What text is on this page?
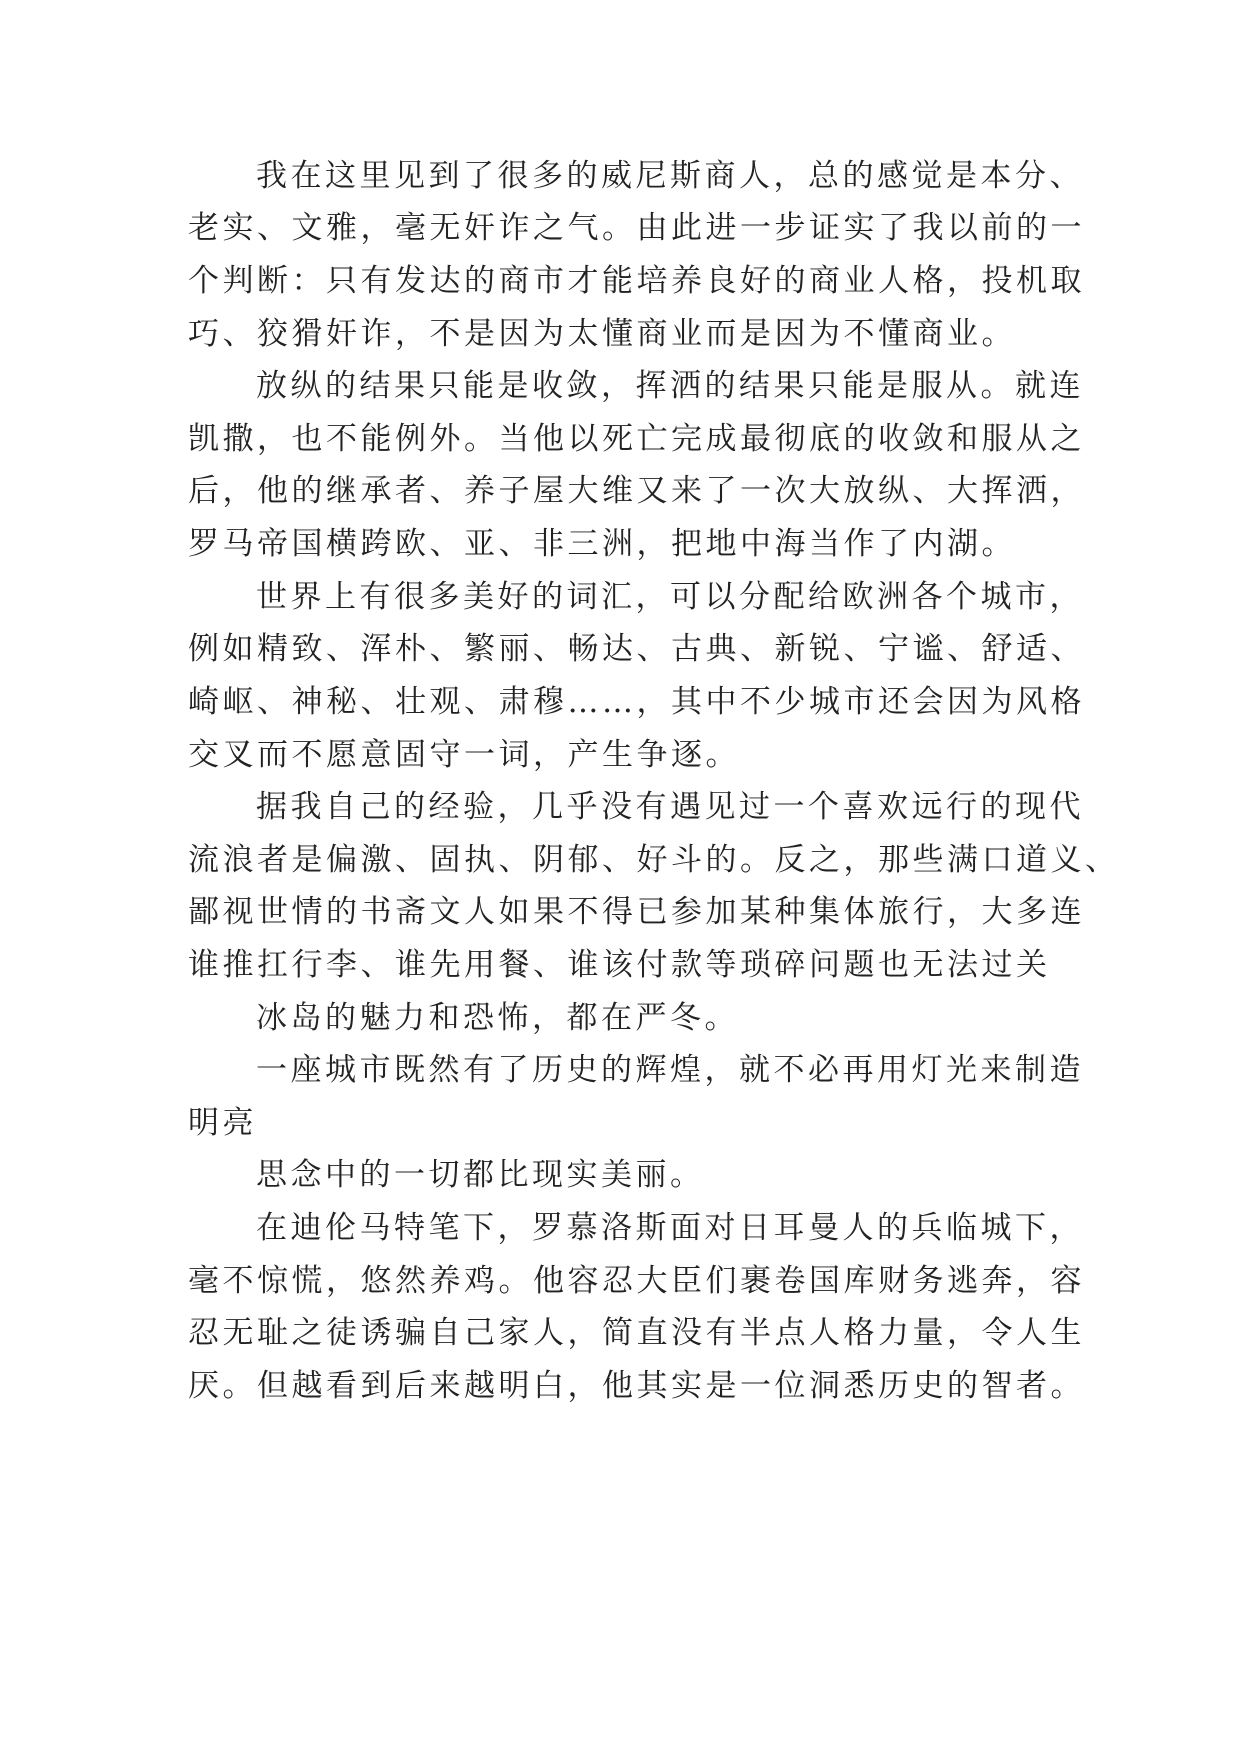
我在这里见到了很多的威尼斯商人，总的感觉是本分、
老实、文雅，毫无奸诈之气。由此进一步证实了我以前的一
个判断：只有发达的商市才能培养良好的商业人格，投机取
巧、狡猾奸诈，不是因为太懂商业而是因为不懂商业。
放纵的结果只能是收敛，挥洒的结果只能是服从。就连
凯撒，也不能例外。当他以死亡完成最彻底的收敛和服从之
后，他的继承者、养子屋大维又来了一次大放纵、大挥洒，
罗马帝国横跨欧、亚、非三洲，把地中海当作了内湖。
世界上有很多美好的词汇，可以分配给欧洲各个城市，
例如精致、浑朴、繁丽、畅达、古典、新锐、宁谧、舒适、
崎岖、神秘、壮观、肃穆……，其中不少城市还会因为风格
交叉而不愿意固守一词，产生争逐。
据我自己的经验，几乎没有遇见过一个喜欢远行的现代
流浪者是偏激、固执、阴郁、好斗的。反之，那些满口道义、
鄙视世情的书斋文人如果不得已参加某种集体旅行，大多连
谁推扛行李、谁先用餐、谁该付款等琐碎问题也无法过关
冰岛的魅力和恐怖，都在严冬。
一座城市既然有了历史的辉煌，就不必再用灯光来制造
明亮
思念中的一切都比现实美丽。
在迪伦马特笔下，罗慕洛斯面对日耳曼人的兵临城下，
毫不惊慌，悠然养鸡。他容忍大臣们裹卷国库财务逃奔，容
忍无耻之徒诱骗自己家人，简直没有半点人格力量，令人生
厌。但越看到后来越明白，他其实是一位洞悉历史的智者。
